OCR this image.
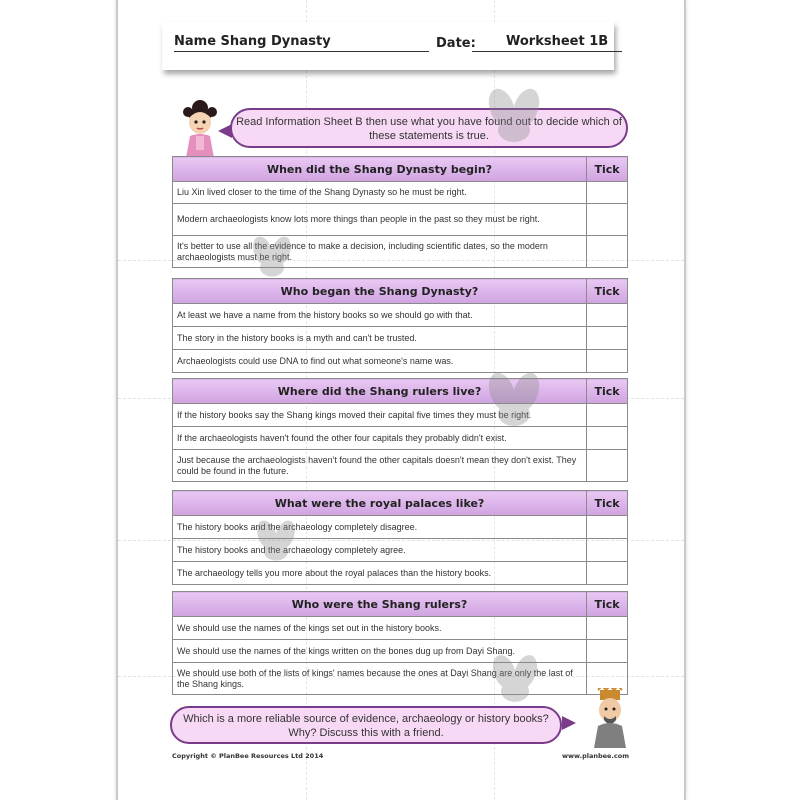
Name Shang Dynasty	Date: Worksheet 1B
Read Information Sheet B then use what you have found out to decide which of these statements is true.
When did the Shang Dynasty begin?	Tick
Liu Xin lived closer to the time of the Shang Dynasty so he must be right.	
Modern archaeologists know lots more things than people in the past so they must be right.	
It's better to use all the evidence to make a decision, including scientific dates, so the modern archaeologists must be right.	
Who began the Shang Dynasty?	Tick
At least we have a name from the history books so we should go with that.	
The story in the history books is a myth and can't be trusted.	
Archaeologists could use DNA to find out what someone's name was.	
Where did the Shang rulers live?	Tick
If the history books say the Shang kings moved their capital five times they must be right.	
If the archaeologists haven't found the other four capitals they probably didn't exist.	
Just because the archaeologists haven't found the other capitals doesn't mean they don't exist. They could be found in the future.	
What were the royal palaces like?	Tick
The history books and the archaeology completely disagree.	
The history books and the archaeology completely agree.	
The archaeology tells you more about the royal palaces than the history books.	
Who were the Shang rulers?	Tick
We should use the names of the kings set out in the history books.	
We should use the names of the kings written on the bones dug up from Dayi Shang.	
We should use both of the lists of kings' names because the ones at Dayi Shang are only the last of the Shang kings.	
Which is a more reliable source of evidence, archaeology or history books? Why? Discuss this with a friend.
Copyright © PlanBee Resources Ltd 2014	www.planbee.com
